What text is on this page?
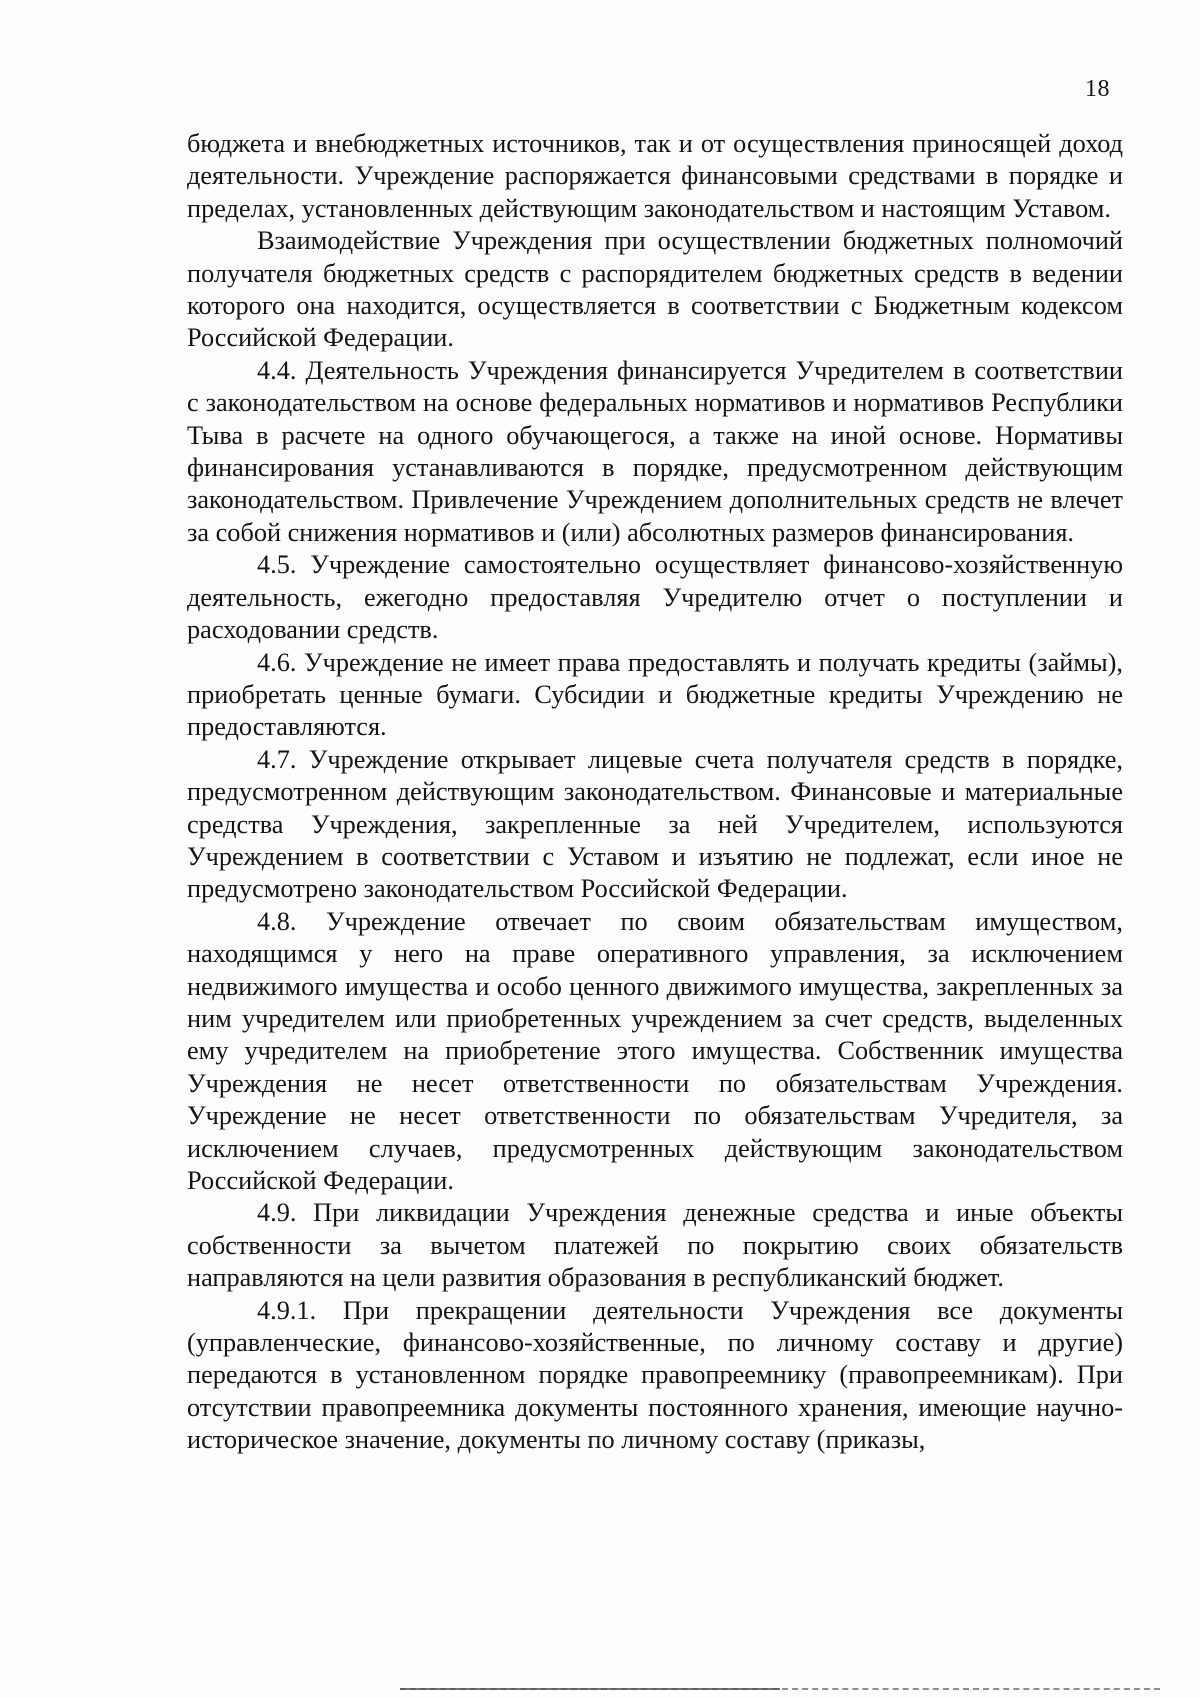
18

бюджета и внебюджетных источников, так и от осуществления приносящей доход деятельности. Учреждение распоряжается финансовыми средствами в порядке и пределах, установленных действующим законодательством и настоящим Уставом.

Взаимодействие Учреждения при осуществлении бюджетных полномочий получателя бюджетных средств с распорядителем бюджетных средств в ведении которого она находится, осуществляется в соответствии с Бюджетным кодексом Российской Федерации.

4.4. Деятельность Учреждения финансируется Учредителем в соответствии с законодательством на основе федеральных нормативов и нормативов Республики Тыва в расчете на одного обучающегося, а также на иной основе. Нормативы финансирования устанавливаются в порядке, предусмотренном действующим законодательством. Привлечение Учреждением дополнительных средств не влечет за собой снижения нормативов и (или) абсолютных размеров финансирования.

4.5. Учреждение самостоятельно осуществляет финансово-хозяйственную деятельность, ежегодно предоставляя Учредителю отчет о поступлении и расходовании средств.

4.6. Учреждение не имеет права предоставлять и получать кредиты (займы), приобретать ценные бумаги. Субсидии и бюджетные кредиты Учреждению не предоставляются.

4.7. Учреждение открывает лицевые счета получателя средств в порядке, предусмотренном действующим законодательством. Финансовые и материальные средства Учреждения, закрепленные за ней Учредителем, используются Учреждением в соответствии с Уставом и изъятию не подлежат, если иное не предусмотрено законодательством Российской Федерации.

4.8. Учреждение отвечает по своим обязательствам имуществом, находящимся у него на праве оперативного управления, за исключением недвижимого имущества и особо ценного движимого имущества, закрепленных за ним учредителем или приобретенных учреждением за счет средств, выделенных ему учредителем на приобретение этого имущества. Собственник имущества Учреждения не несет ответственности по обязательствам Учреждения. Учреждение не несет ответственности по обязательствам Учредителя, за исключением случаев, предусмотренных действующим законодательством Российской Федерации.

4.9. При ликвидации Учреждения денежные средства и иные объекты собственности за вычетом платежей по покрытию своих обязательств направляются на цели развития образования в республиканский бюджет.

4.9.1. При прекращении деятельности Учреждения все документы (управленческие, финансово-хозяйственные, по личному составу и другие) передаются в установленном порядке правопреемнику (правопреемникам). При отсутствии правопреемника документы постоянного хранения, имеющие научно-историческое значение, документы по личному составу (приказы,
